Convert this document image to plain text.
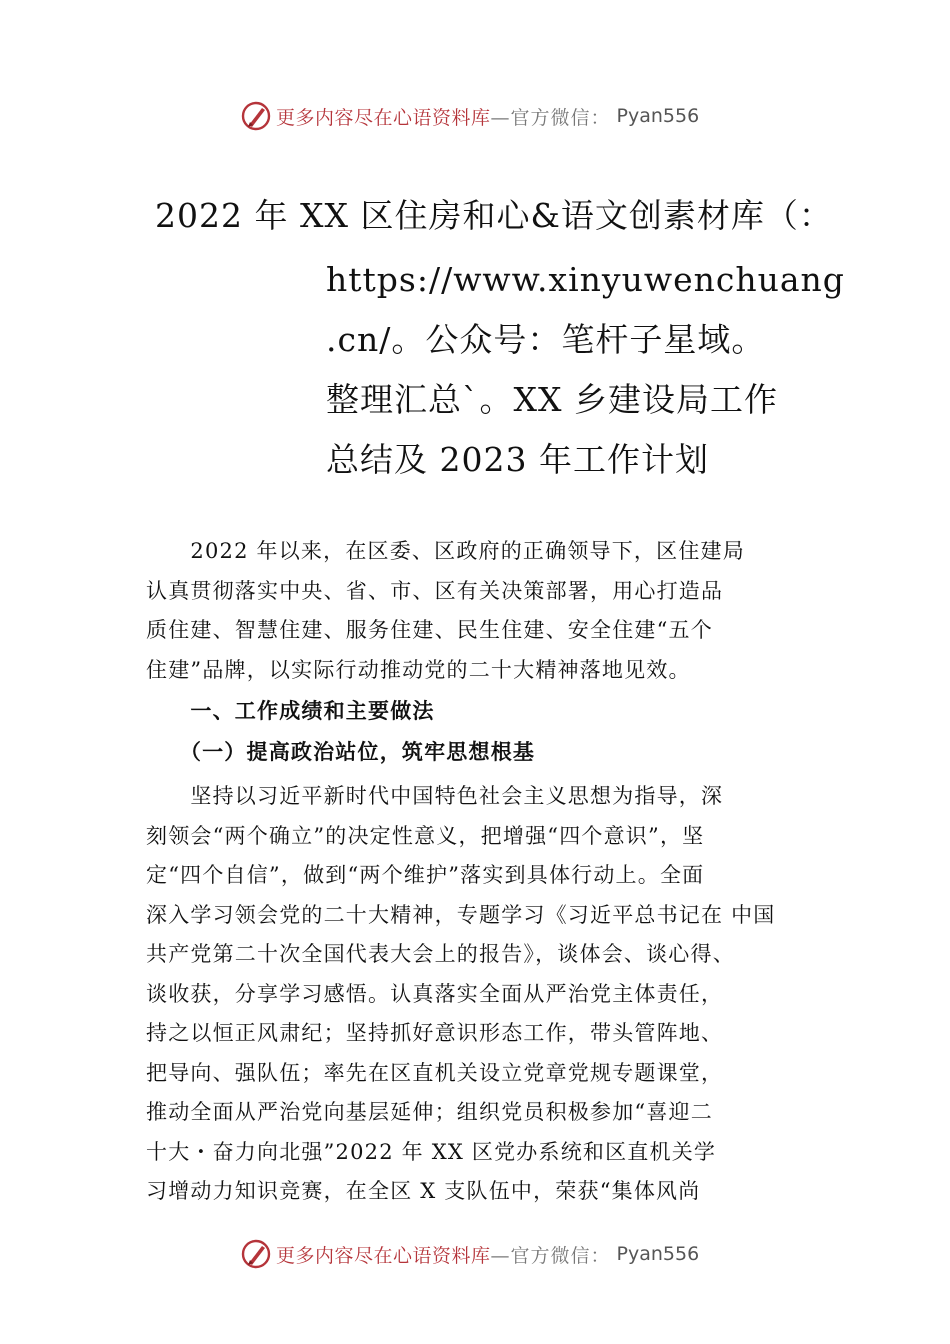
更多内容尽在心语资料库 —官方微信： Pyan556
2022 年 XX 区住房和心&语文创素材库（：
https://www.xinyuwenchuang
.cn/。公众号：笔杆子星域。
整理汇总`。XX 乡建设局工作
总结及 2023 年工作计划
　　2022 年以来，在区委、区政府的正确领导下，区住建局
认真贯彻落实中央、省、市、区有关决策部署，用心打造品
质住建、智慧住建、服务住建、民生住建、安全住建“五个
住建”品牌，以实际行动推动党的二十大精神落地见效。
　　一、工作成绩和主要做法
　　（一）提高政治站位，筑牢思想根基
　　坚持以习近平新时代中国特色社会主义思想为指导，深
刻领会“两个确立”的决定性意义，把增强“四个意识”，坚
定“四个自信”，做到“两个维护”落实到具体行动上。全面
深入学习领会党的二十大精神，专题学习《习近平总书记在 中国
共产党第二十次全国代表大会上的报告》，谈体会、谈心得、
谈收获，分享学习感悟。认真落实全面从严治党主体责任，
持之以恒正风肃纪；坚持抓好意识形态工作，带头管阵地、
把导向、强队伍；率先在区直机关设立党章党规专题课堂，
推动全面从严治党向基层延伸；组织党员积极参加“喜迎二
十大・奋力向北强”2022 年 XX 区党办系统和区直机关学
习增动力知识竞赛，在全区 X 支队伍中，荣获“集体风尚
更多内容尽在心语资料库 —官方微信： Pyan556
